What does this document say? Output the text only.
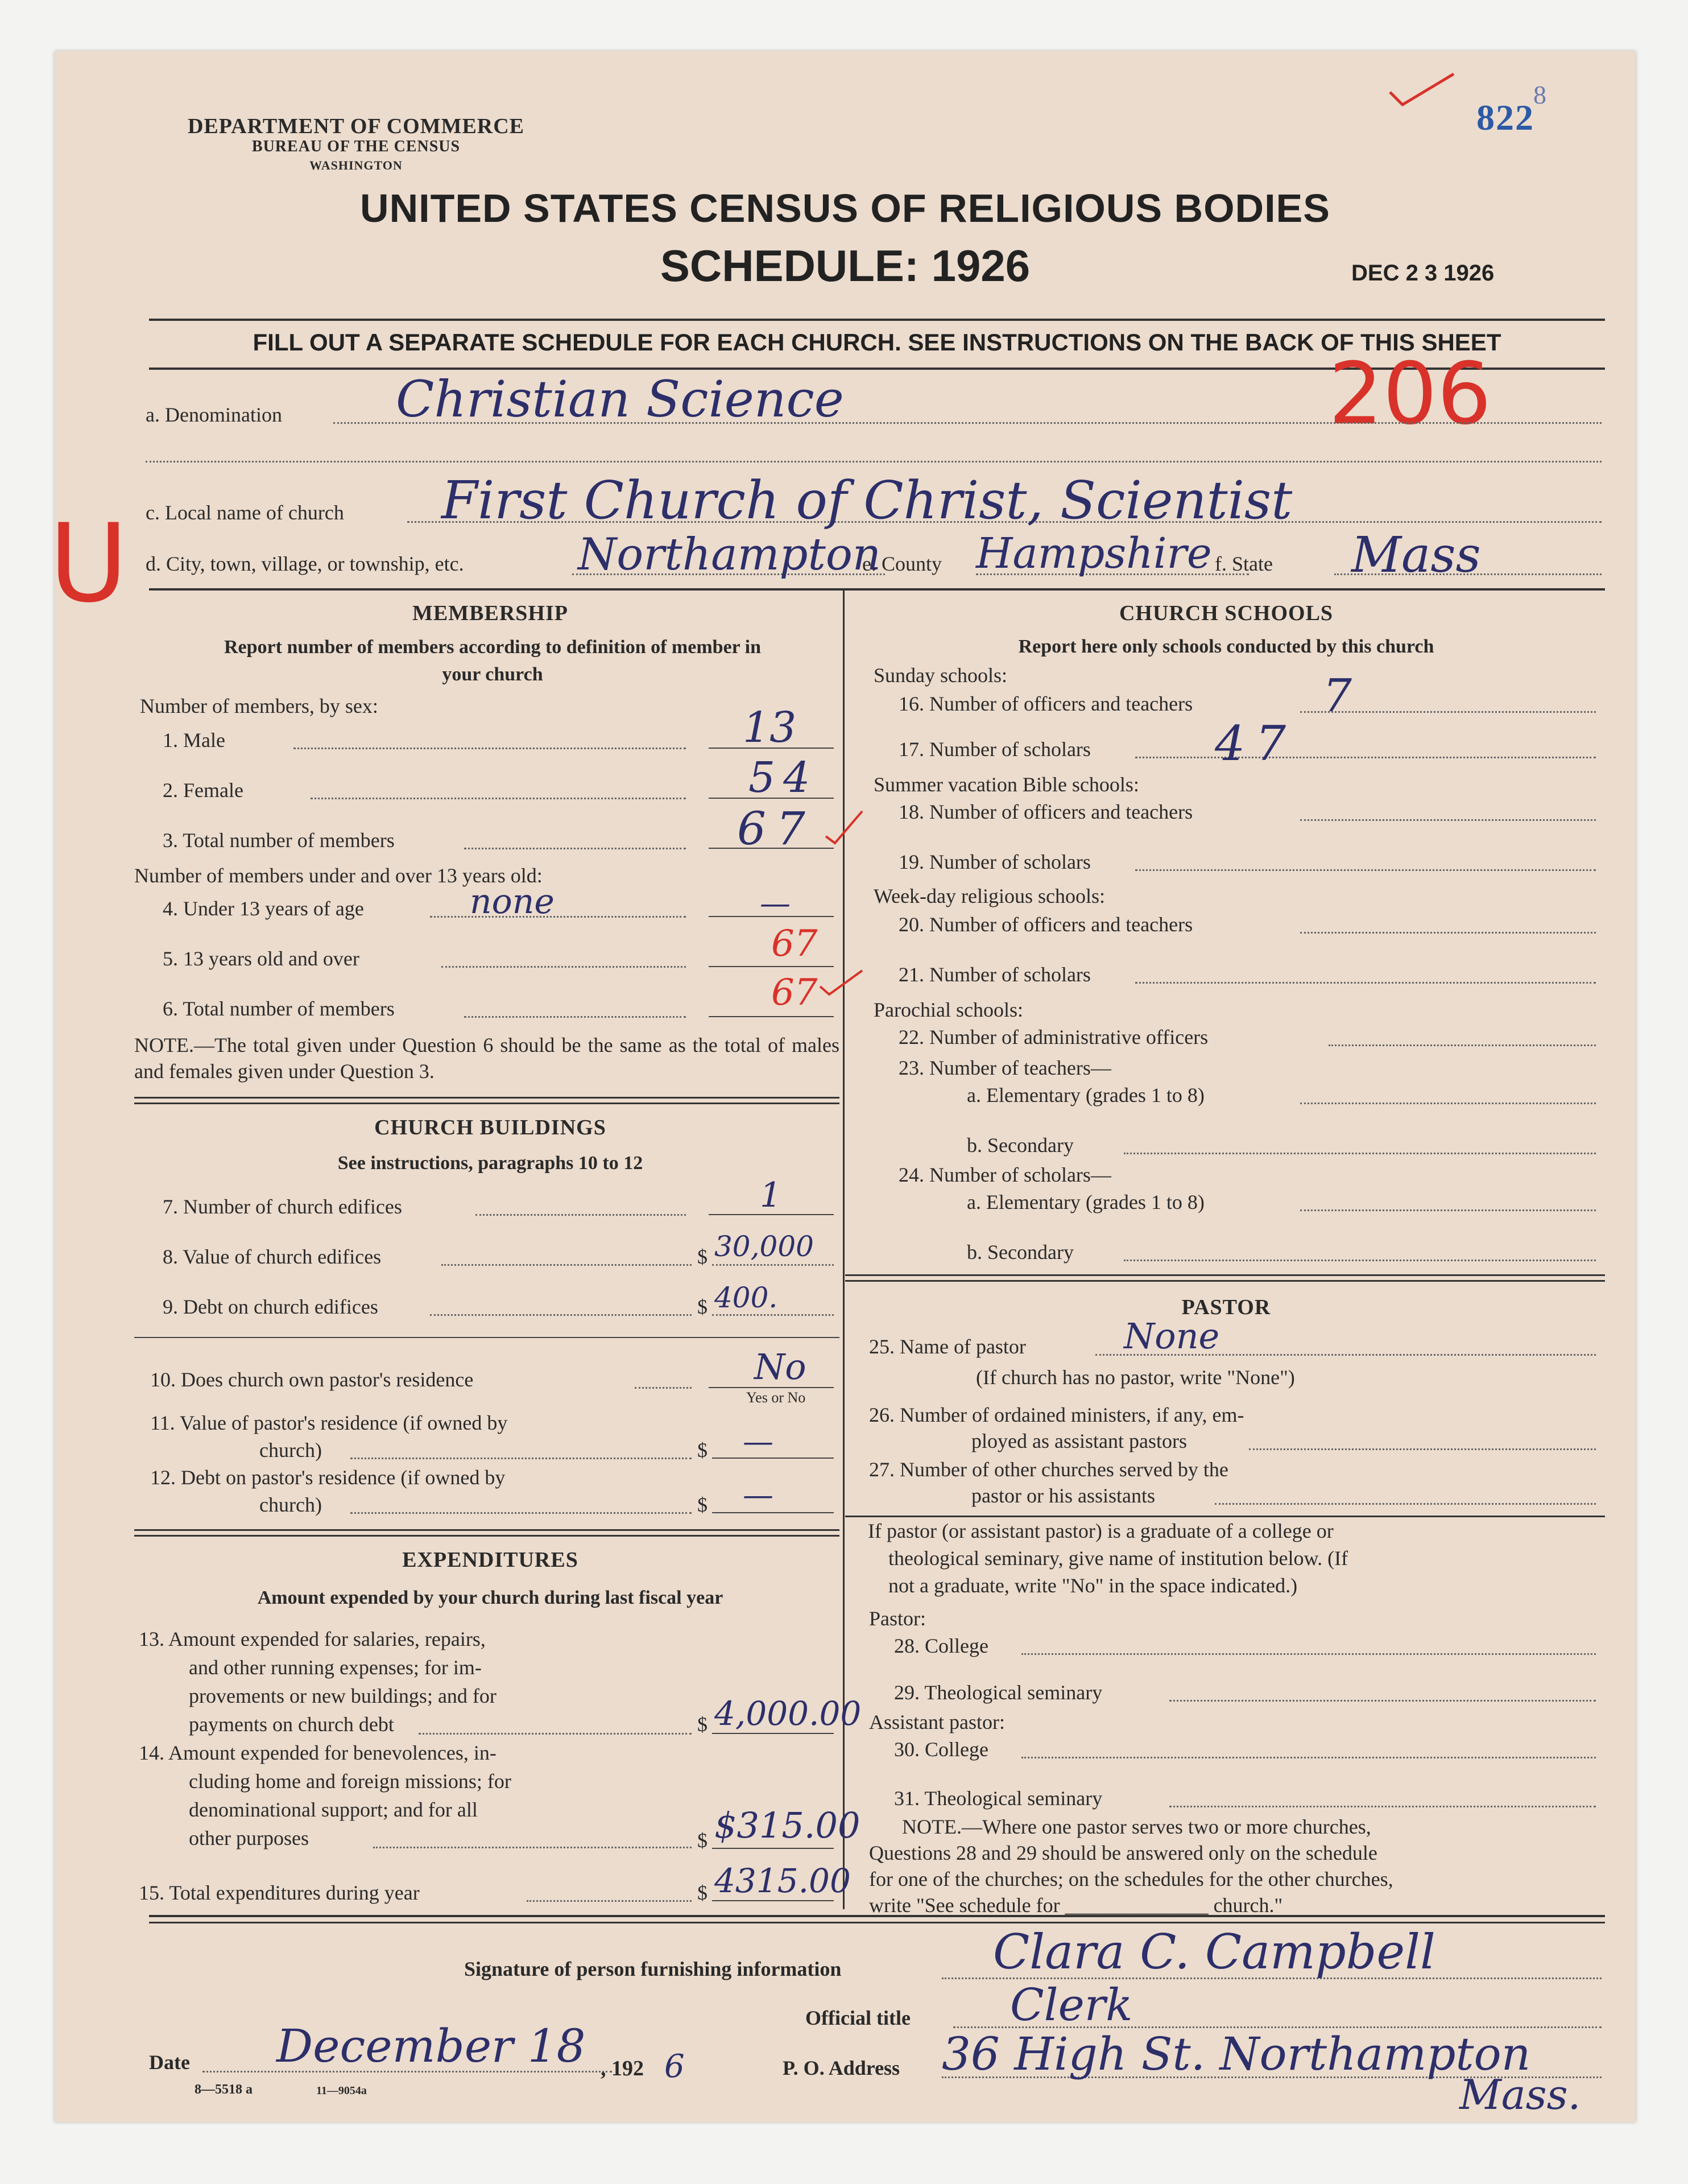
822
8
DEPARTMENT OF COMMERCE
BUREAU OF THE CENSUS
WASHINGTON
UNITED STATES CENSUS OF RELIGIOUS BODIES
SCHEDULE: 1926	DEC 2 3 1926
FILL OUT A SEPARATE SCHEDULE FOR EACH CHURCH. SEE INSTRUCTIONS ON THE BACK OF THIS SHEET
206
U
a. Denomination Christian Science
c. Local name of church First Church of Christ, Scientist
d. City, town, village, or township, etc.	Northampton
e. County Hampshire f. State Mass
MEMBERSHIP
Report number of members according to definition of member in your church
Number of members, by sex:
1. Male	13
2. Female	54
3. Total number of members	67
Number of members under and over 13 years old:
4. Under 13 years of age	none	—
5. 13 years old and over	67
6. Total number of members	67
NOTE.—The total given under Question 6 should be the same as the total of males and females given under Question 3.
CHURCH BUILDINGS
See instructions, paragraphs 10 to 12
7. Number of church edifices	1
8. Value of church edifices	$ 30,000
9. Debt on church edifices	$ 400.
10. Does church own pastor's residence	No
Yes or No
11. Value of pastor's residence (if owned by
church)	$ —
12. Debt on pastor's residence (if owned by
church)	$ —
EXPENDITURES
Amount expended by your church during last fiscal year
13. Amount expended for salaries, repairs,
and other running expenses; for im-
provements or new buildings; and for
payments on church debt	$ 4,000.00
14. Amount expended for benevolences, in-
cluding home and foreign missions; for
denominational support; and for all
other purposes	$ $315.00
15. Total expenditures during year	$ 4315.00
CHURCH SCHOOLS
Report here only schools conducted by this church
Sunday schools:
16. Number of officers and teachers	7
17. Number of scholars	47
Summer vacation Bible schools:
18. Number of officers and teachers
19. Number of scholars
Week-day religious schools:
20. Number of officers and teachers
21. Number of scholars
Parochial schools:
22. Number of administrative officers
23. Number of teachers—
a. Elementary (grades 1 to 8)
b. Secondary
24. Number of scholars—
a. Elementary (grades 1 to 8)
b. Secondary
PASTOR
25. Name of pastor	None
(If church has no pastor, write "None")
26. Number of ordained ministers, if any, em-
ployed as assistant pastors
27. Number of other churches served by the
pastor or his assistants
If pastor (or assistant pastor) is a graduate of a college or
theological seminary, give name of institution below. (If
not a graduate, write "No" in the space indicated.)
Pastor:
28. College
29. Theological seminary
Assistant pastor:
30. College
31. Theological seminary
NOTE.—Where one pastor serves two or more churches,
Questions 28 and 29 should be answered only on the schedule
for one of the churches; on the schedules for the other churches,
write "See schedule for ______________ church."
Signature of person furnishing information	Clara C. Campbell
Official title Clerk
Date December 18 , 192 6	P. O. Address 36 High St. Northampton
Mass.
8—5518 a	11—9054a
